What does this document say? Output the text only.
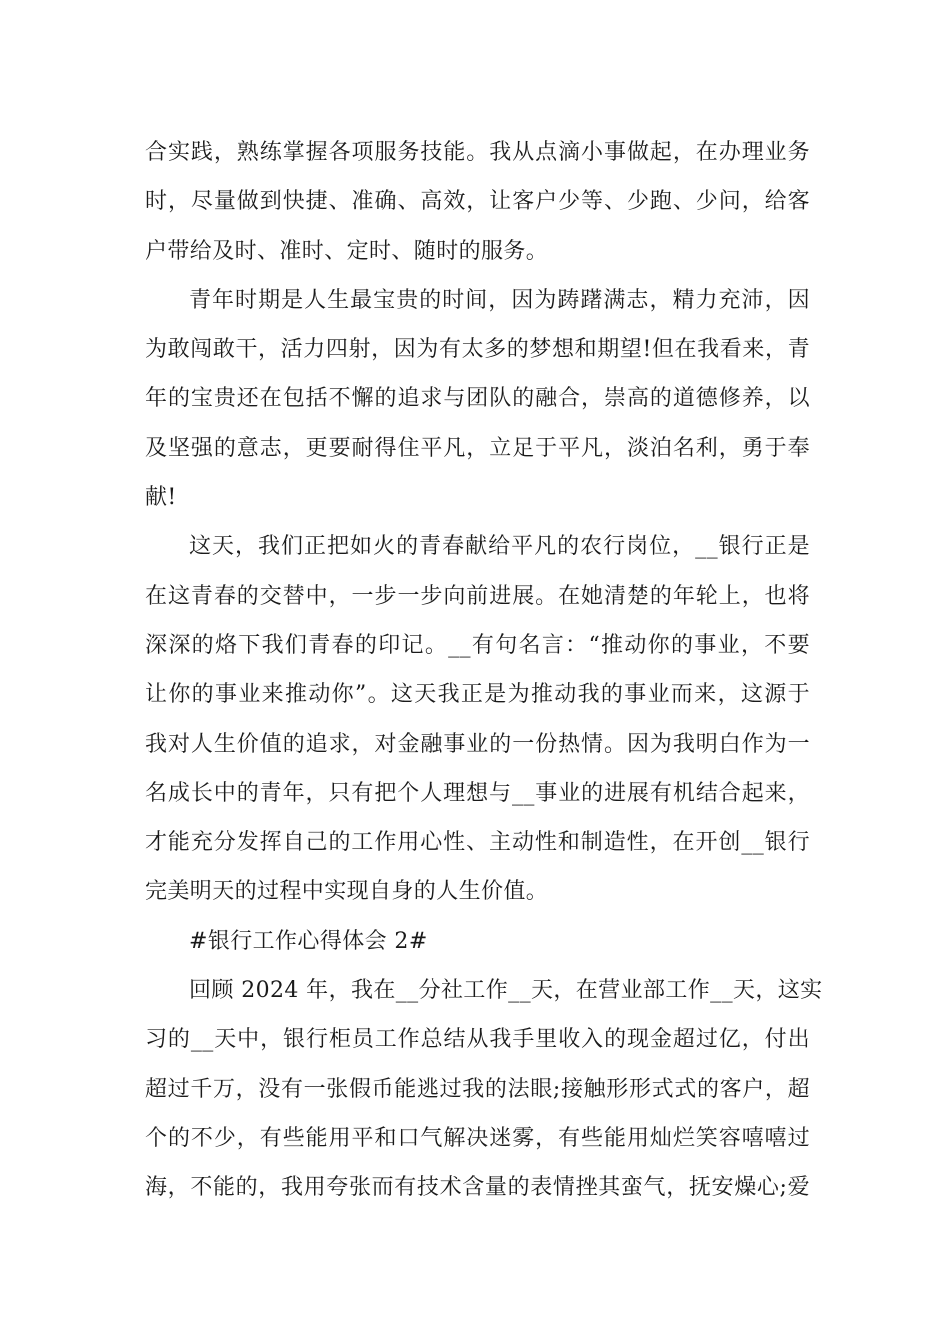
合实践，熟练掌握各项服务技能。我从点滴小事做起，在办理业务
时，尽量做到快捷、准确、高效，让客户少等、少跑、少问，给客
户带给及时、准时、定时、随时的服务。
青年时期是人生最宝贵的时间，因为踌躇满志，精力充沛，因
为敢闯敢干，活力四射，因为有太多的梦想和期望!但在我看来，青
年的宝贵还在包括不懈的追求与团队的融合，崇高的道德修养，以
及坚强的意志，更要耐得住平凡，立足于平凡，淡泊名利，勇于奉
献!
这天，我们正把如火的青春献给平凡的农行岗位，__银行正是
在这青春的交替中，一步一步向前进展。在她清楚的年轮上，也将
深深的烙下我们青春的印记。__有句名言：“推动你的事业，不要
让你的事业来推动你”。这天我正是为推动我的事业而来，这源于
我对人生价值的追求，对金融事业的一份热情。因为我明白作为一
名成长中的青年，只有把个人理想与__事业的进展有机结合起来，
才能充分发挥自己的工作用心性、主动性和制造性，在开创__银行
完美明天的过程中实现自身的人生价值。
#银行工作心得体会 2#
回顾 2024 年，我在__分社工作__天，在营业部工作__天，这实
习的__天中，银行柜员工作总结从我手里收入的现金超过亿，付出
超过千万，没有一张假币能逃过我的法眼;接触形形式式的客户，超
个的不少，有些能用平和口气解决迷雾，有些能用灿烂笑容嘻嘻过
海，不能的，我用夸张而有技术含量的表情挫其蛮气，抚安燥心;爱
